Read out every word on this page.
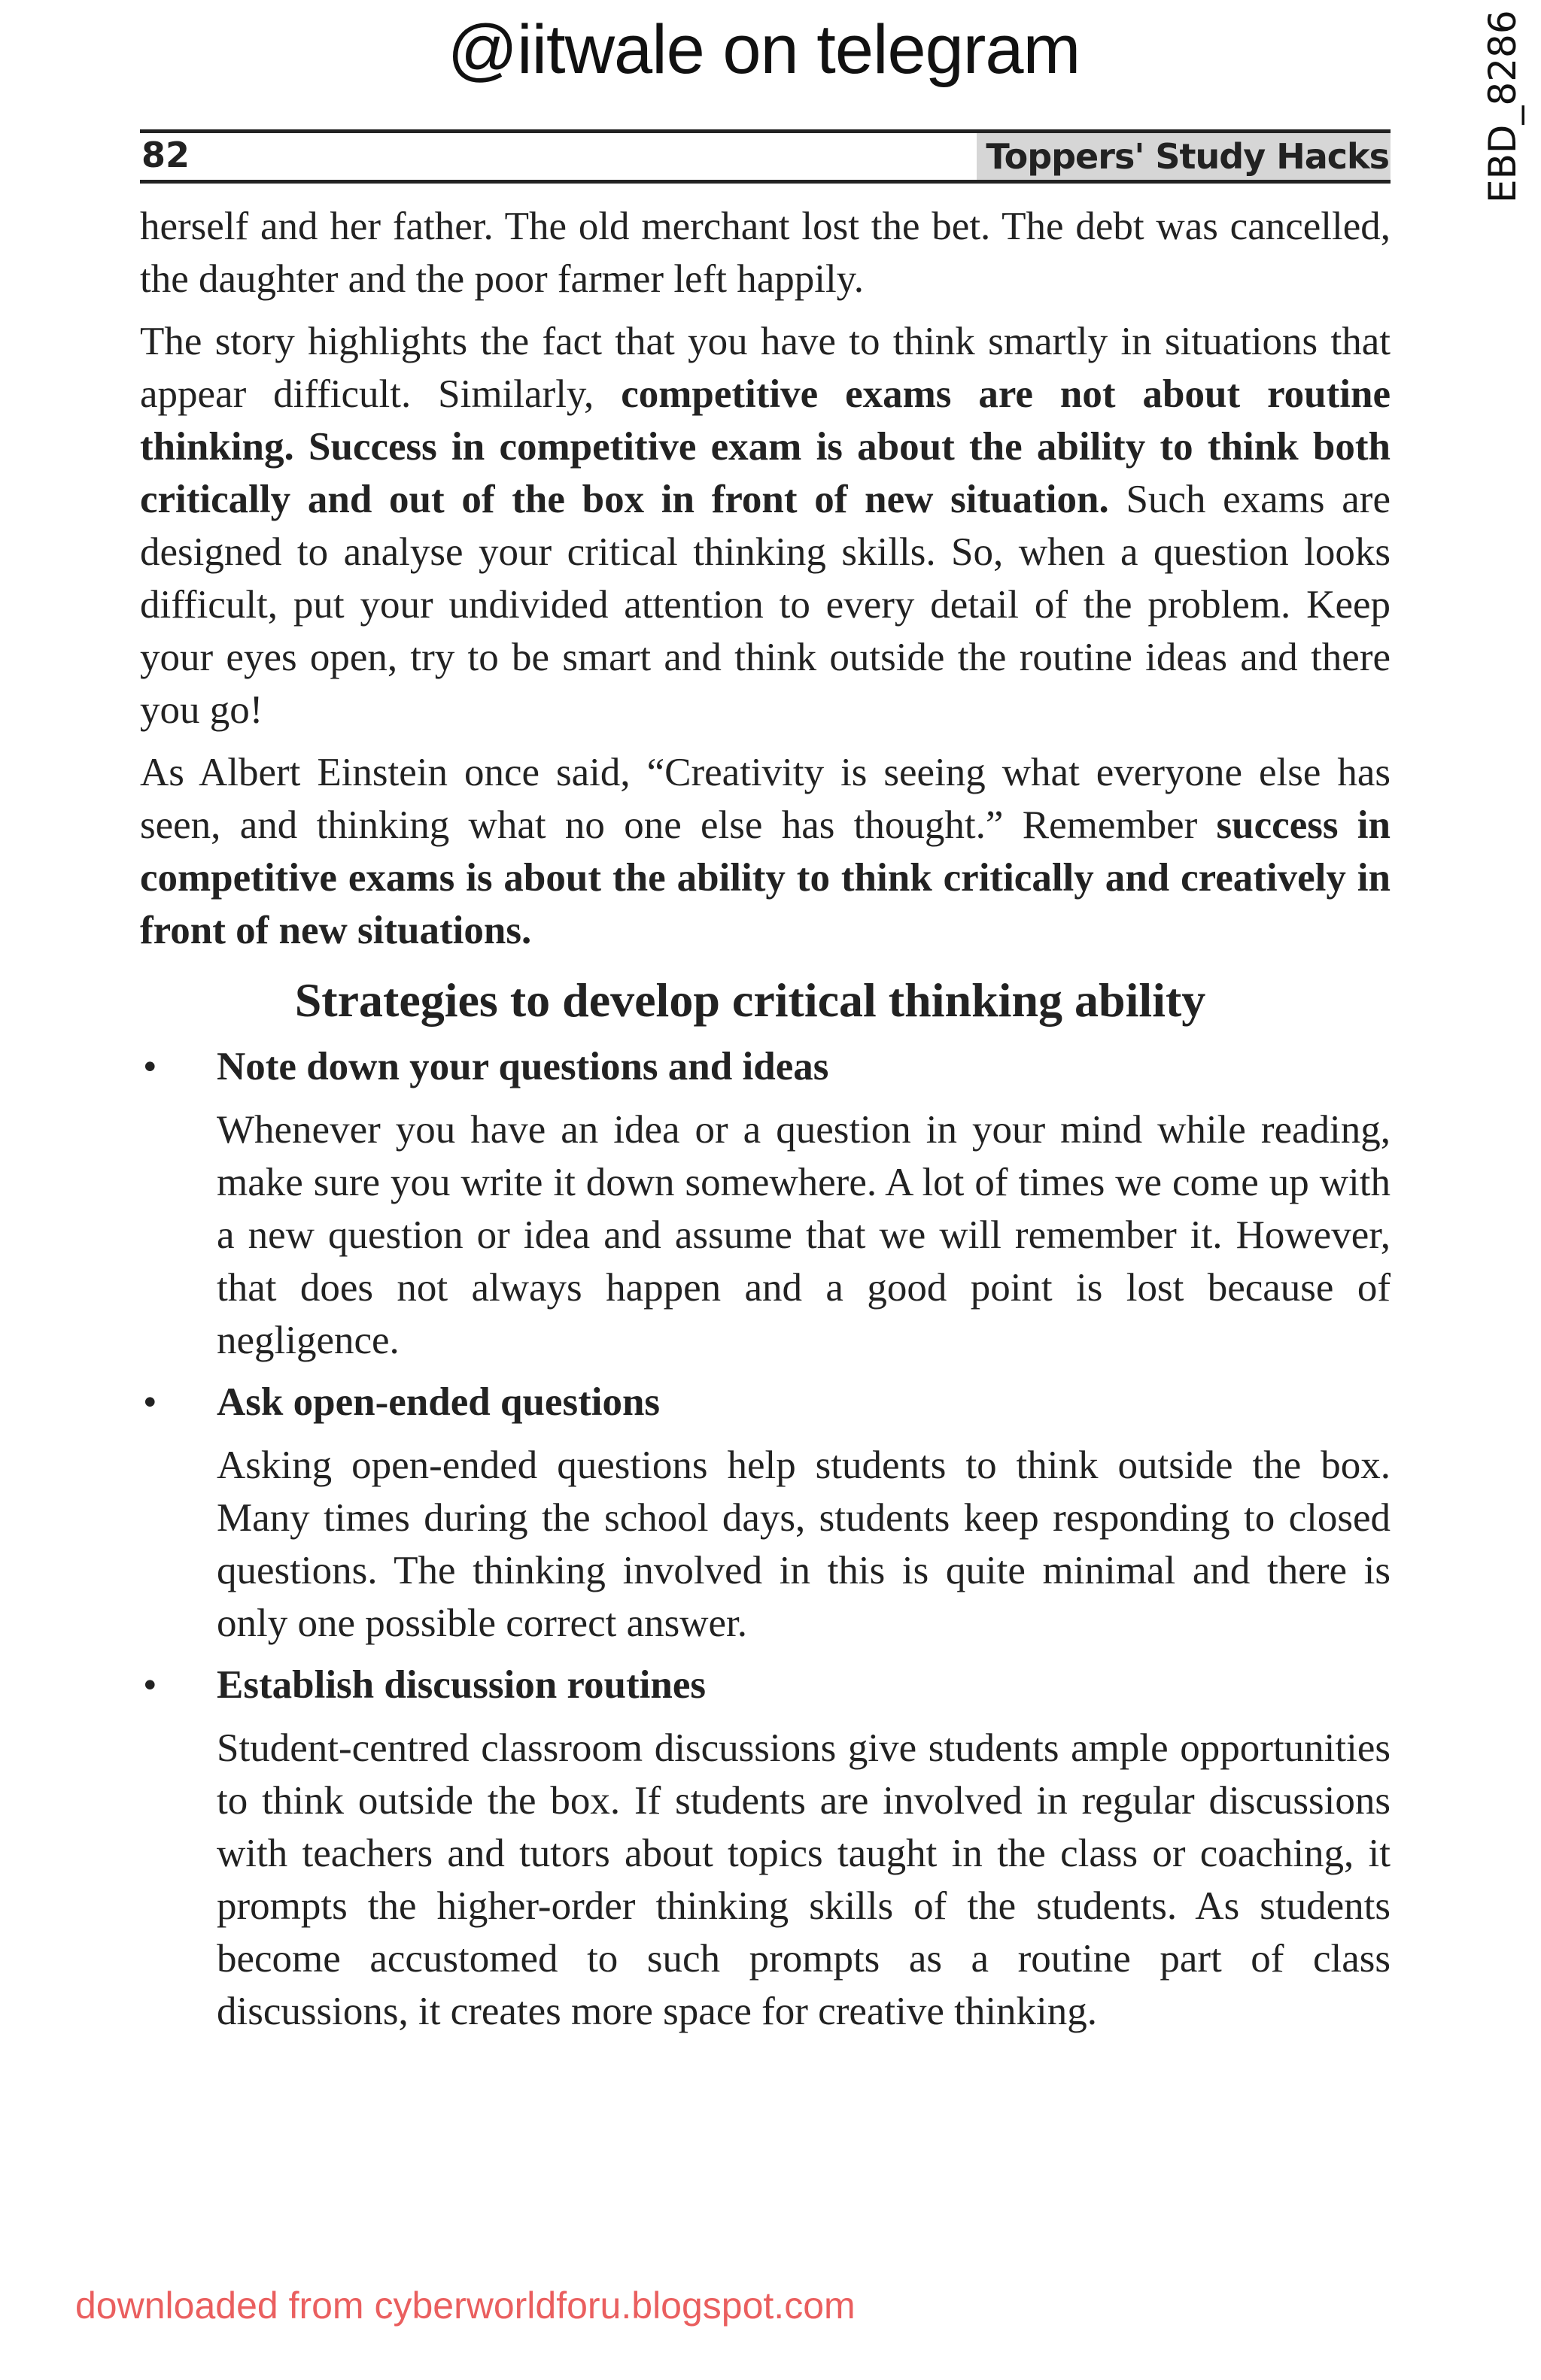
@iitwale on telegram	EBD_8286
82	Toppers' Study Hacks

herself and her father. The old merchant lost the bet. The debt was cancelled, the daughter and the poor farmer left happily.

The story highlights the fact that you have to think smartly in situations that appear difficult. Similarly, competitive exams are not about routine thinking. Success in competitive exam is about the ability to think both critically and out of the box in front of new situation. Such exams are designed to analyse your critical thinking skills. So, when a question looks difficult, put your undivided attention to every detail of the problem. Keep your eyes open, try to be smart and think outside the routine ideas and there you go!

As Albert Einstein once said, “Creativity is seeing what everyone else has seen, and thinking what no one else has thought.” Remember success in competitive exams is about the ability to think critically and creatively in front of new situations.

Strategies to develop critical thinking ability
• Note down your questions and ideas

Whenever you have an idea or a question in your mind while reading, make sure you write it down somewhere. A lot of times we come up with a new question or idea and assume that we will remember it. However, that does not always happen and a good point is lost because of negligence.

• Ask open-ended questions

Asking open-ended questions help students to think outside the box. Many times during the school days, students keep responding to closed questions. The thinking involved in this is quite minimal and there is only one possible correct answer.

• Establish discussion routines

Student-centred classroom discussions give students ample opportunities to think outside the box. If students are involved in regular discussions with teachers and tutors about topics taught in the class or coaching, it prompts the higher-order thinking skills of the students. As students become accustomed to such prompts as a routine part of class discussions, it creates more space for creative thinking.

downloaded from cyberworldforu.blogspot.com
